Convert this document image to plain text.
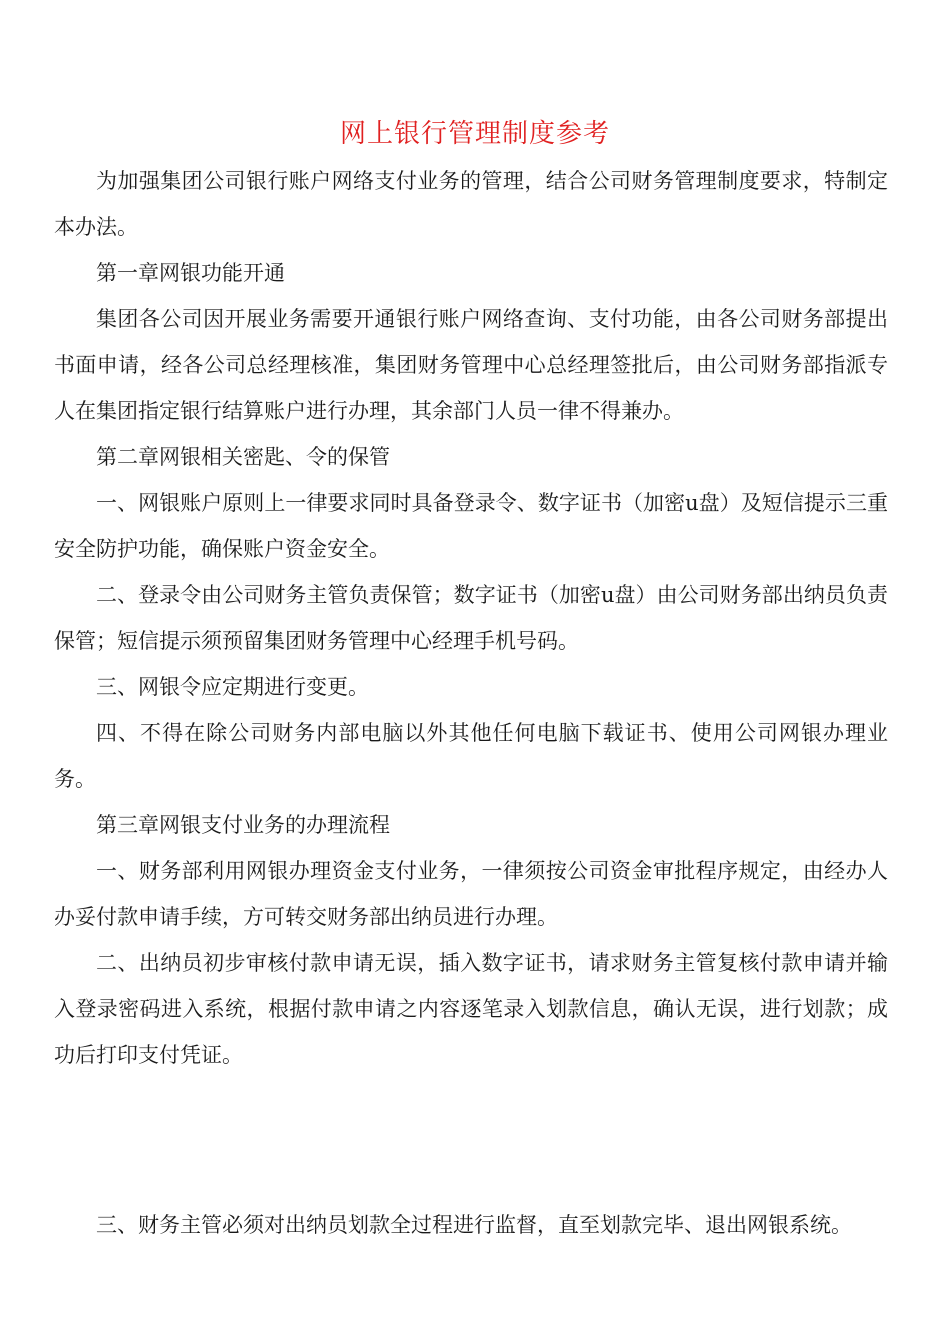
网上银行管理制度参考

为加强集团公司银行账户网络支付业务的管理，结合公司财务管理制度要求，特制定本办法。

第一章网银功能开通

集团各公司因开展业务需要开通银行账户网络查询、支付功能，由各公司财务部提出书面申请，经各公司总经理核准，集团财务管理中心总经理签批后，由公司财务部指派专人在集团指定银行结算账户进行办理，其余部门人员一律不得兼办。

第二章网银相关密匙、令的保管

一、网银账户原则上一律要求同时具备登录令、数字证书（加密u盘）及短信提示三重安全防护功能，确保账户资金安全。

二、登录令由公司财务主管负责保管；数字证书（加密u盘）由公司财务部出纳员负责保管；短信提示须预留集团财务管理中心经理手机号码。

三、网银令应定期进行变更。

四、不得在除公司财务内部电脑以外其他任何电脑下载证书、使用公司网银办理业务。

第三章网银支付业务的办理流程

一、财务部利用网银办理资金支付业务，一律须按公司资金审批程序规定，由经办人办妥付款申请手续，方可转交财务部出纳员进行办理。

二、出纳员初步审核付款申请无误，插入数字证书，请求财务主管复核付款申请并输入登录密码进入系统，根据付款申请之内容逐笔录入划款信息，确认无误，进行划款；成功后打印支付凭证。

三、财务主管必须对出纳员划款全过程进行监督，直至划款完毕、退出网银系统。
